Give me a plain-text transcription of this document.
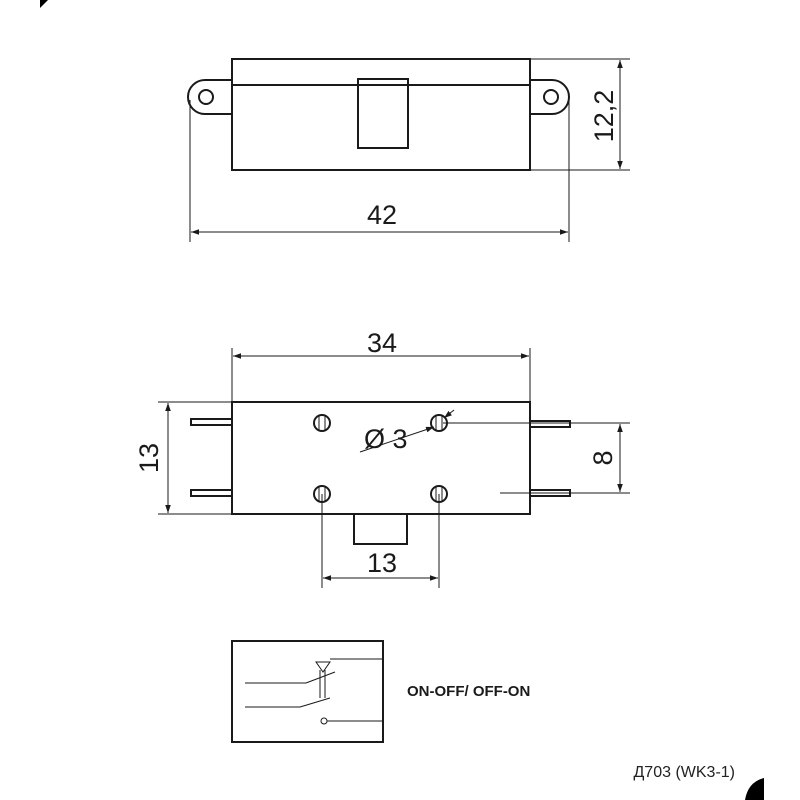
12,2
42
34
13	8
13
Ø 3
ON-OFF/ OFF-ON
Д703 (WK3-1)
